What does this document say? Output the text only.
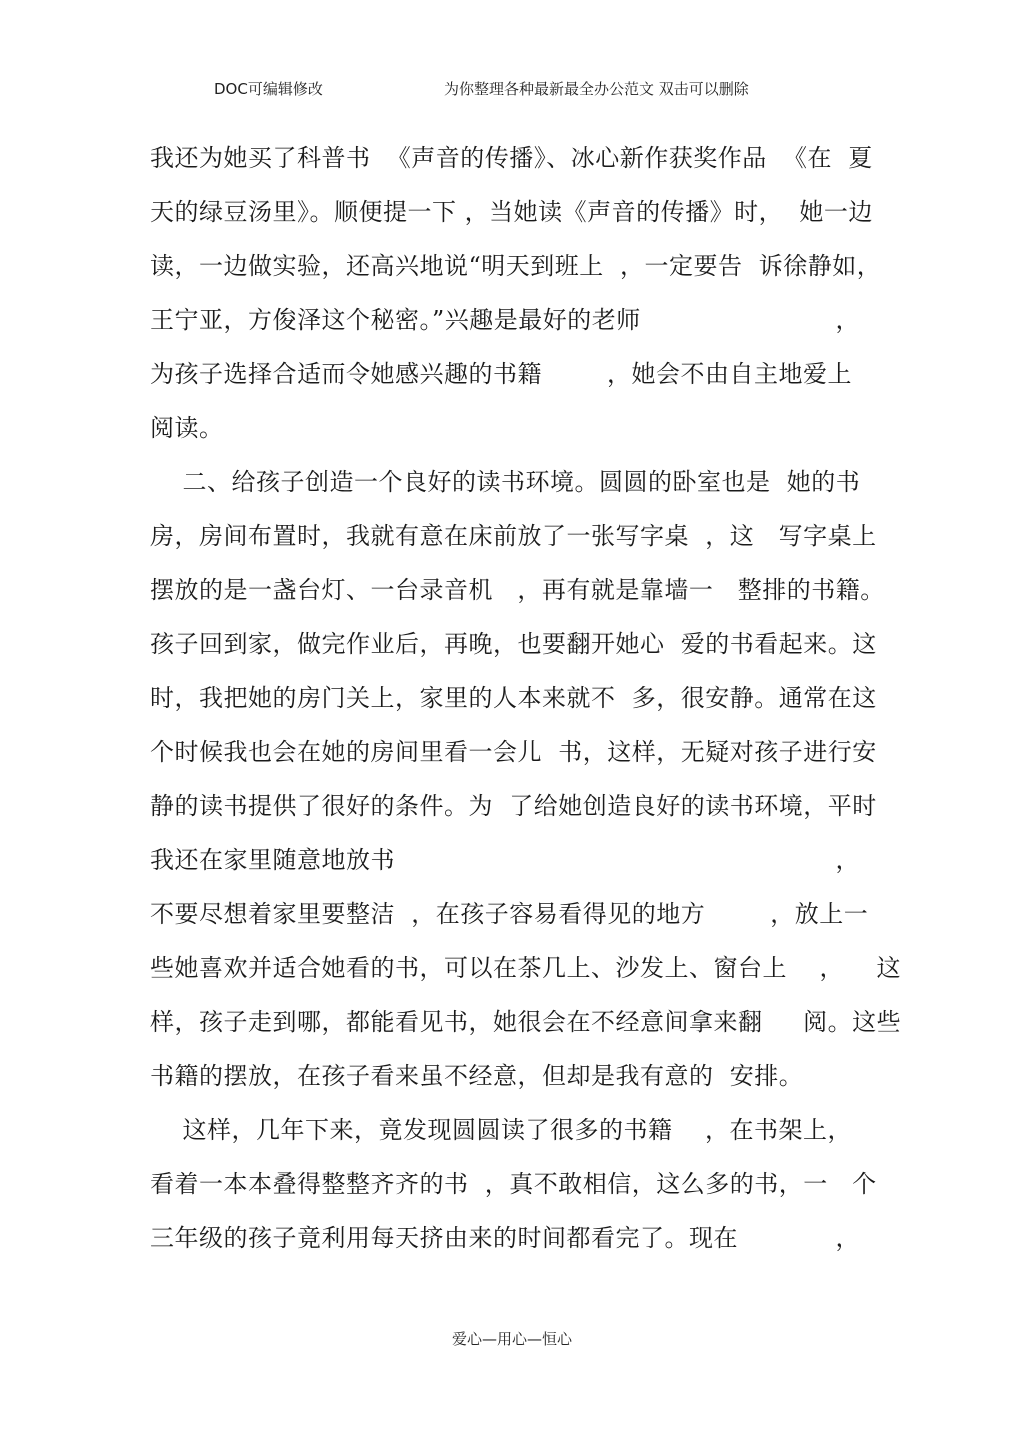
DOC可编辑修改	为你整理各种最新最全办公范文 双击可以删除
我还为她买了科普书  《声音的传播》、冰心新作获奖作品  《在  夏
天的绿豆汤里》。顺便提一下 ，当她读《声音的传播》时，  她一边
读，一边做实验，还高兴地说“明天到班上  ，一定要告  诉徐静如，
王宁亚，方俊泽这个秘密。”兴趣是最好的老师	，
为孩子选择合适而令她感兴趣的书籍        ，她会不由自主地爱上
阅读。
二、给孩子创造一个良好的读书环境。圆圆的卧室也是  她的书
房，房间布置时，我就有意在床前放了一张写字桌  ，这   写字桌上
摆放的是一盏台灯、一台录音机   ，再有就是靠墙一   整排的书籍。
孩子回到家，做完作业后，再晚，也要翻开她心  爱的书看起来。这
时，我把她的房门关上，家里的人本来就不  多，很安静。通常在这
个时候我也会在她的房间里看一会儿  书，这样，无疑对孩子进行安
静的读书提供了很好的条件。为  了给她创造良好的读书环境，平时
我还在家里随意地放书	，
不要尽想着家里要整洁  ，在孩子容易看得见的地方        ，放上一
些她喜欢并适合她看的书，可以在茶几上、沙发上、窗台上    ，    这
样，孩子走到哪，都能看见书，她很会在不经意间拿来翻     阅。这些
书籍的摆放，在孩子看来虽不经意，但却是我有意的  安排。
这样，几年下来，竟发现圆圆读了很多的书籍    ，在书架上，
看着一本本叠得整整齐齐的书  ，真不敢相信，这么多的书，一   个
三年级的孩子竟利用每天挤由来的时间都看完了。现在	，
爱心—用心—恒心
